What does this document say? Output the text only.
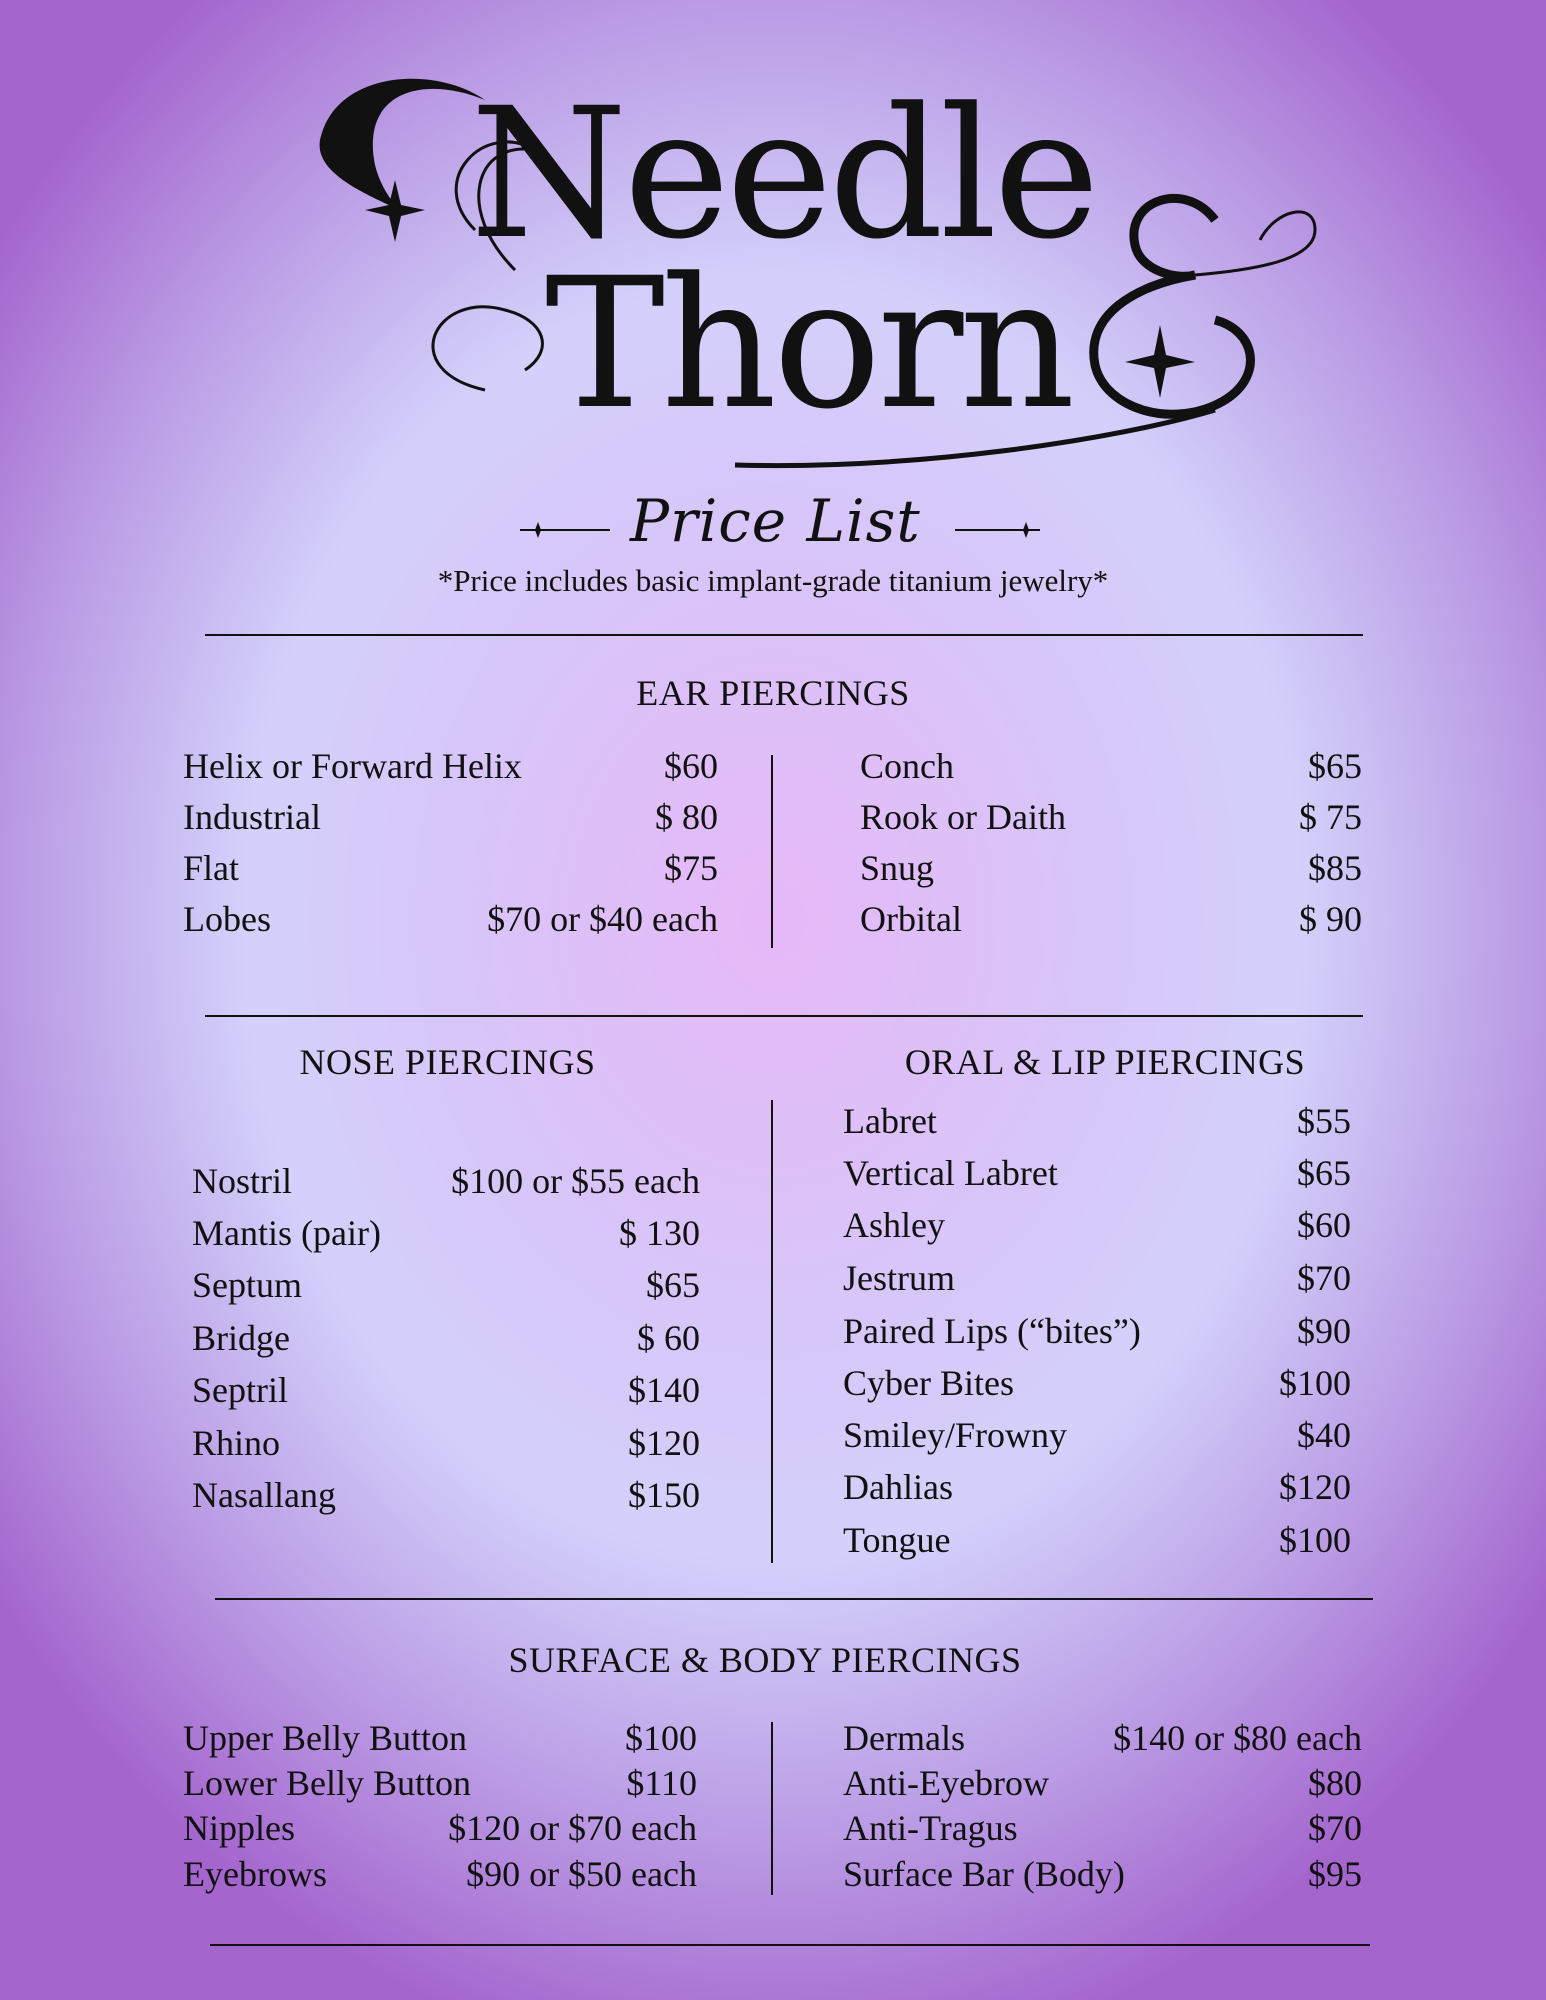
Needle
Thorn
Price List
*Price includes basic implant-grade titanium jewelry*
EAR PIERCINGS
Helix or Forward Helix	$60
Industrial	$ 80
Flat	$75
Lobes	$70 or $40 each
Conch	$65
Rook or Daith	$ 75
Snug	$85
Orbital	$ 90
NOSE PIERCINGS
Nostril	$100 or $55 each
Mantis (pair)	$ 130
Septum	$65
Bridge	$ 60
Septril	$140
Rhino	$120
Nasallang	$150
ORAL & LIP PIERCINGS
Labret	$55
Vertical Labret	$65
Ashley	$60
Jestrum	$70
Paired Lips (“bites”)	$90
Cyber Bites	$100
Smiley/Frowny	$40
Dahlias	$120
Tongue	$100
SURFACE & BODY PIERCINGS
Upper Belly Button	$100
Lower Belly Button	$110
Nipples	$120 or $70 each
Eyebrows	$90 or $50 each
Dermals	$140 or $80 each
Anti-Eyebrow	$80
Anti-Tragus	$70
Surface Bar (Body)	$95
